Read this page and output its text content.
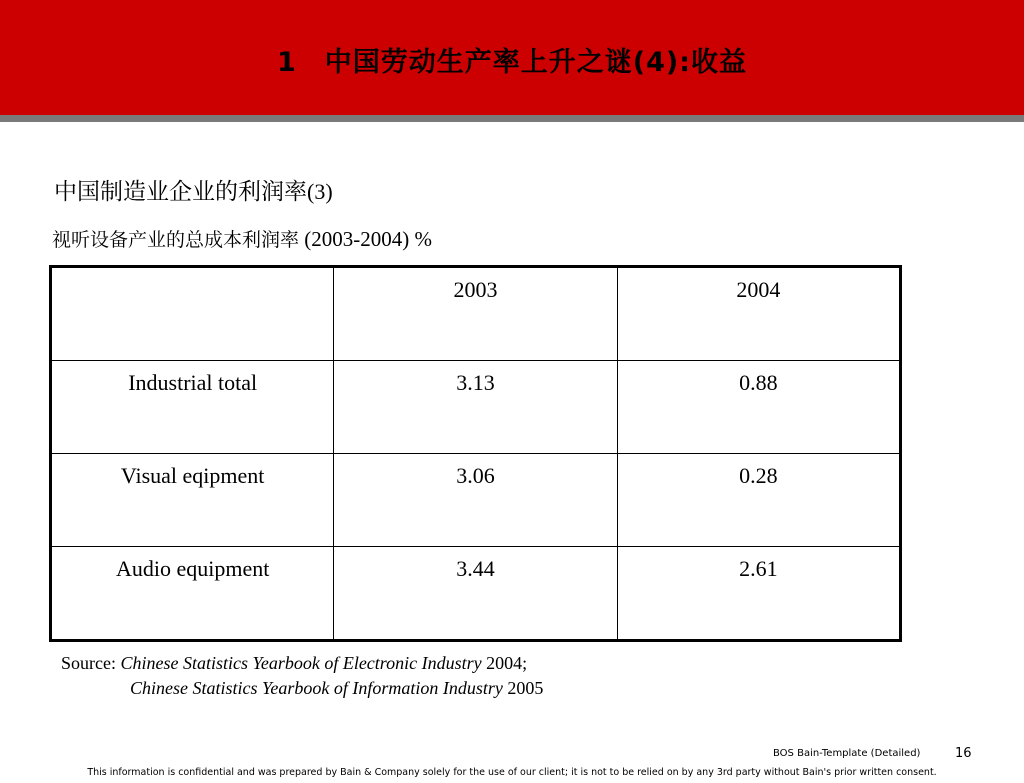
1　中国劳动生产率上升之谜(4):收益
中国制造业企业的利润率(3)
视听设备产业的总成本利润率 (2003-2004) %
	2003	2004
Industrial total	3.13	0.88
Visual eqipment	3.06	0.28
Audio equipment	3.44	2.61
Source: Chinese Statistics Yearbook of Electronic Industry 2004;
Chinese Statistics Yearbook of Information Industry 2005
BOS Bain-Template (Detailed)	16
This information is confidential and was prepared by Bain & Company solely for the use of our client; it is not to be relied on by any 3rd party without Bain's prior written consent.
